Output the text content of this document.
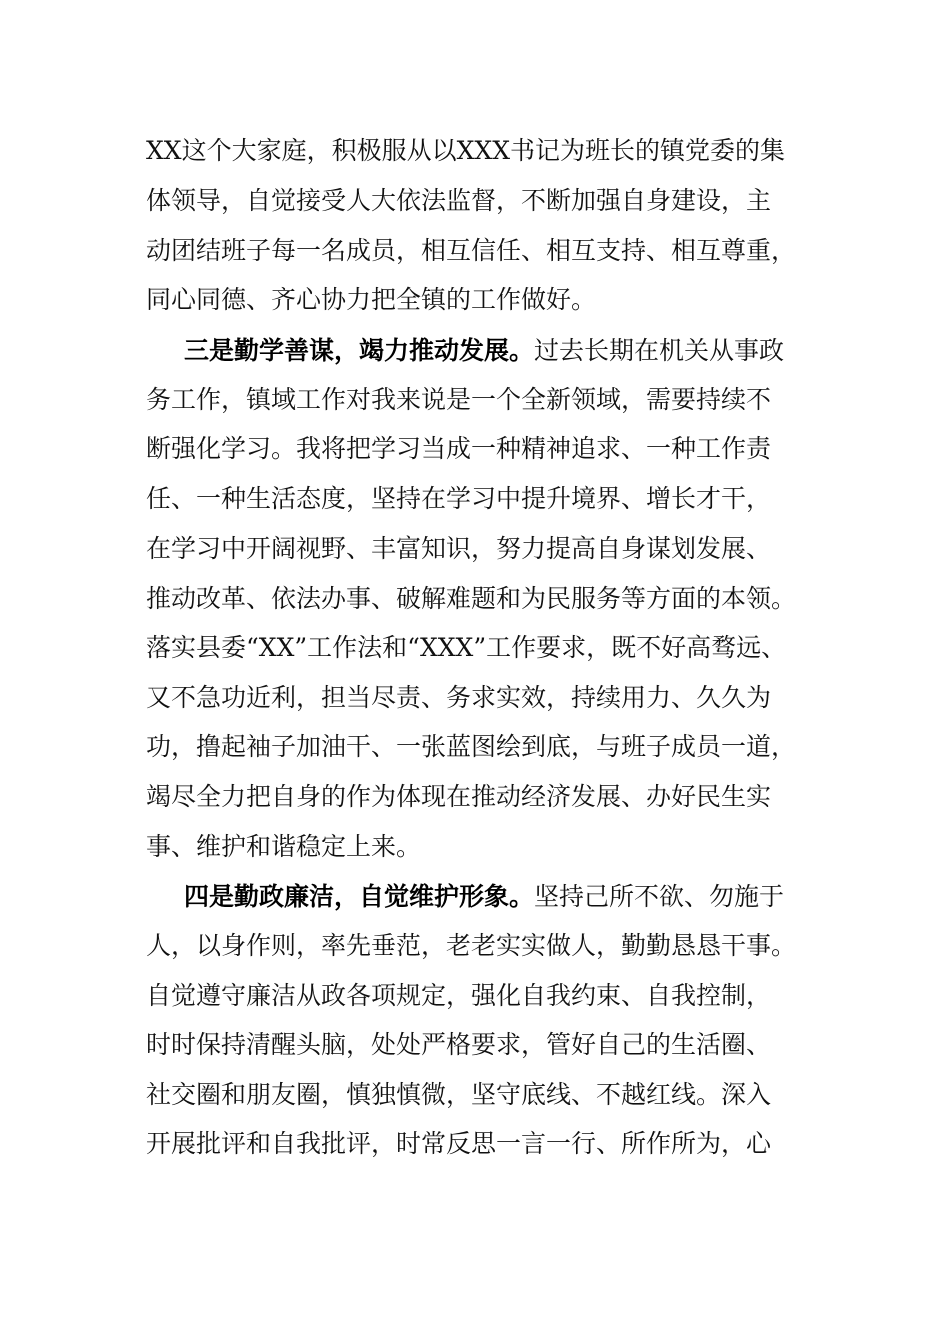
XX这个大家庭，积极服从以XXX书记为班长的镇党委的集
体领导，自觉接受人大依法监督，不断加强自身建设，主
动团结班子每一名成员，相互信任、相互支持、相互尊重，
同心同德、齐心协力把全镇的工作做好。
三是勤学善谋，竭力推动发展。过去长期在机关从事政
务工作，镇域工作对我来说是一个全新领域，需要持续不
断强化学习。我将把学习当成一种精神追求、一种工作责
任、一种生活态度，坚持在学习中提升境界、增长才干，
在学习中开阔视野、丰富知识，努力提高自身谋划发展、
推动改革、依法办事、破解难题和为民服务等方面的本领。
落实县委“XX”工作法和“XXX”工作要求，既不好高骛远、
又不急功近利，担当尽责、务求实效，持续用力、久久为
功，撸起袖子加油干、一张蓝图绘到底，与班子成员一道，
竭尽全力把自身的作为体现在推动经济发展、办好民生实
事、维护和谐稳定上来。
四是勤政廉洁，自觉维护形象。坚持己所不欲、勿施于
人，以身作则，率先垂范，老老实实做人，勤勤恳恳干事。
自觉遵守廉洁从政各项规定，强化自我约束、自我控制，
时时保持清醒头脑，处处严格要求，管好自己的生活圈、
社交圈和朋友圈，慎独慎微，坚守底线、不越红线。深入
开展批评和自我批评，时常反思一言一行、所作所为，心
